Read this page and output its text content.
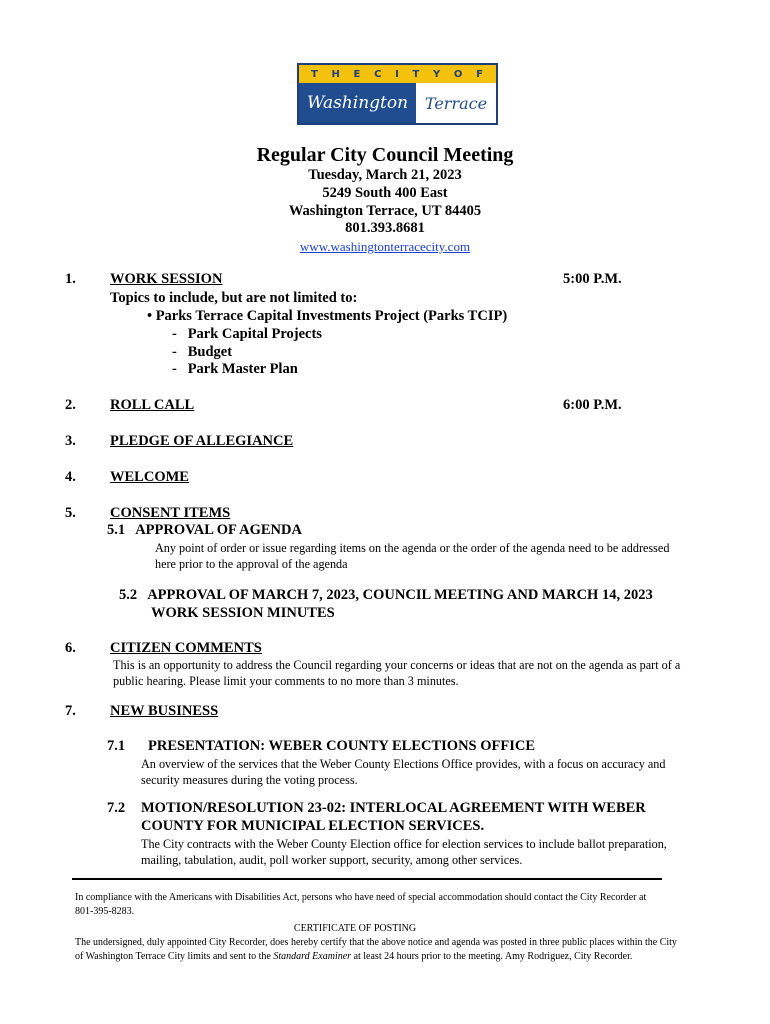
T H E C I T Y O F
Washington	Terrace
Regular City Council Meeting
Tuesday, March 21, 2023
5249 South 400 East
Washington Terrace, UT 84405
801.393.8681
www.washingtonterracecity.com
1. WORK SESSION	5:00 P.M.
Topics to include, but are not limited to:
• Parks Terrace Capital Investments Project (Parks TCIP)
-   Park Capital Projects
-   Budget
-   Park Master Plan
2. ROLL CALL	6:00 P.M.
3. PLEDGE OF ALLEGIANCE
4. WELCOME
5. CONSENT ITEMS
5.1   APPROVAL OF AGENDA
Any point of order or issue regarding items on the agenda or the order of the agenda need to be addressed
here prior to the approval of the agenda
5.2   APPROVAL OF MARCH 7, 2023, COUNCIL MEETING AND MARCH 14, 2023
WORK SESSION MINUTES
6. CITIZEN COMMENTS
This is an opportunity to address the Council regarding your concerns or ideas that are not on the agenda as part of a
public hearing. Please limit your comments to no more than 3 minutes.
7. NEW BUSINESS
7.1 PRESENTATION: WEBER COUNTY ELECTIONS OFFICE
An overview of the services that the Weber County Elections Office provides, with a focus on accuracy and
security measures during the voting process.
7.2 MOTION/RESOLUTION 23-02: INTERLOCAL AGREEMENT WITH WEBER
COUNTY FOR MUNICIPAL ELECTION SERVICES.
The City contracts with the Weber County Election office for election services to include ballot preparation,
mailing, tabulation, audit, poll worker support, security, among other services.
In compliance with the Americans with Disabilities Act, persons who have need of special accommodation should contact the City Recorder at
801-395-8283.
CERTIFICATE OF POSTING
The undersigned, duly appointed City Recorder, does hereby certify that the above notice and agenda was posted in three public places within the City
of Washington Terrace City limits and sent to the Standard Examiner at least 24 hours prior to the meeting. Amy Rodriguez, City Recorder.
